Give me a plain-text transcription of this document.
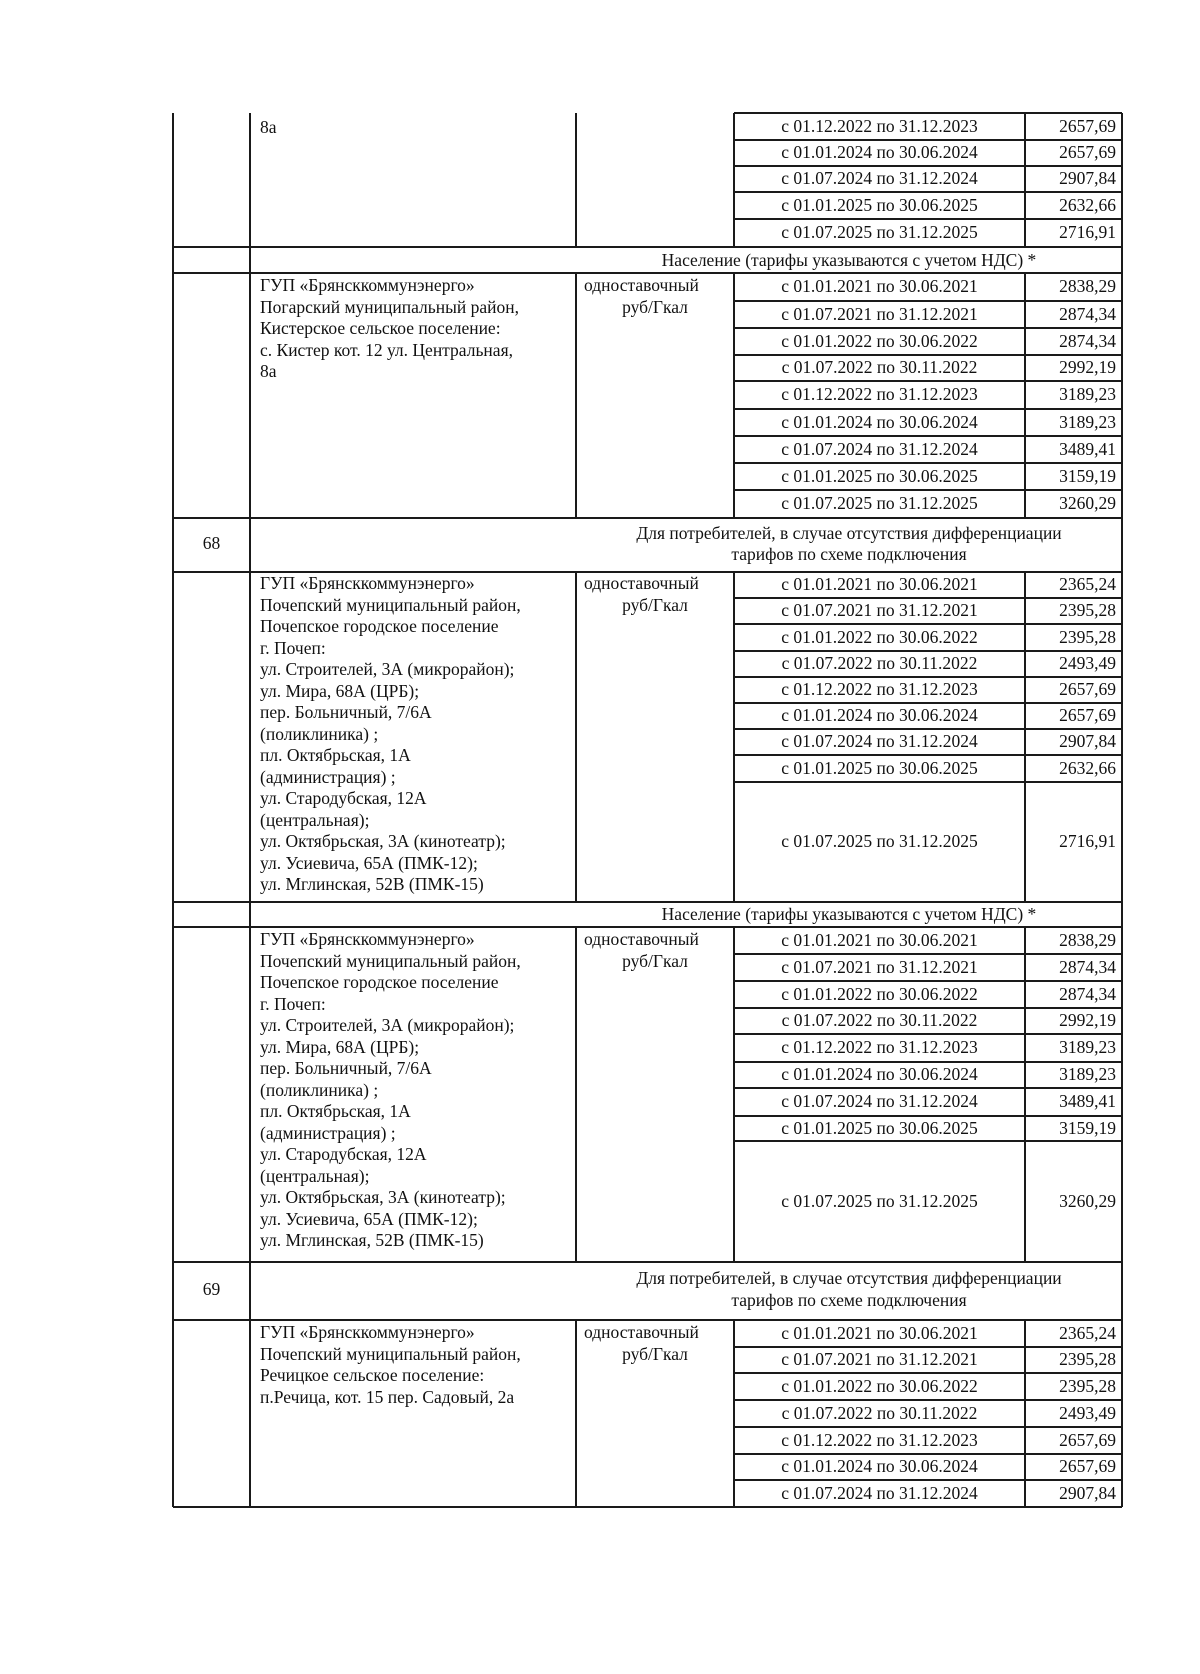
8а	с 01.12.2022 по 31.12.2023	2657,69
с 01.01.2024 по 30.06.2024	2657,69
с 01.07.2024 по 31.12.2024	2907,84
с 01.01.2025 по 30.06.2025	2632,66
с 01.07.2025 по 31.12.2025	2716,91
Население (тарифы указываются с учетом НДС) *
ГУП «Брянсккоммунэнерго»
Погарский муниципальный район,
Кистерское сельское поселение:
с. Кистер кот. 12 ул. Центральная,
8а
одноставочный
руб/Гкал
с 01.01.2021 по 30.06.2021	2838,29
с 01.07.2021 по 31.12.2021	2874,34
с 01.01.2022 по 30.06.2022	2874,34
с 01.07.2022 по 30.11.2022	2992,19
с 01.12.2022 по 31.12.2023	3189,23
с 01.01.2024 по 30.06.2024	3189,23
с 01.07.2024 по 31.12.2024	3489,41
с 01.01.2025 по 30.06.2025	3159,19
с 01.07.2025 по 31.12.2025	3260,29
68	Для потребителей, в случае отсутствия дифференциации
тарифов по схеме подключения
ГУП «Брянсккоммунэнерго»
Почепский муниципальный район,
Почепское городское поселение
г. Почеп:
ул. Строителей, 3А (микрорайон);
ул. Мира, 68А (ЦРБ);
пер. Больничный, 7/6А
(поликлиника) ;
пл. Октябрьская, 1А
(администрация) ;
ул. Стародубская, 12А
(центральная);
ул. Октябрьская, 3А (кинотеатр);
ул. Усиевича, 65А (ПМК-12);
ул. Мглинская, 52В (ПМК-15)
одноставочный
руб/Гкал
с 01.01.2021 по 30.06.2021	2365,24
с 01.07.2021 по 31.12.2021	2395,28
с 01.01.2022 по 30.06.2022	2395,28
с 01.07.2022 по 30.11.2022	2493,49
с 01.12.2022 по 31.12.2023	2657,69
с 01.01.2024 по 30.06.2024	2657,69
с 01.07.2024 по 31.12.2024	2907,84
с 01.01.2025 по 30.06.2025	2632,66
с 01.07.2025 по 31.12.2025	2716,91
Население (тарифы указываются с учетом НДС) *
ГУП «Брянсккоммунэнерго»
Почепский муниципальный район,
Почепское городское поселение
г. Почеп:
ул. Строителей, 3А (микрорайон);
ул. Мира, 68А (ЦРБ);
пер. Больничный, 7/6А
(поликлиника) ;
пл. Октябрьская, 1А
(администрация) ;
ул. Стародубская, 12А
(центральная);
ул. Октябрьская, 3А (кинотеатр);
ул. Усиевича, 65А (ПМК-12);
ул. Мглинская, 52В (ПМК-15)
одноставочный
руб/Гкал
с 01.01.2021 по 30.06.2021	2838,29
с 01.07.2021 по 31.12.2021	2874,34
с 01.01.2022 по 30.06.2022	2874,34
с 01.07.2022 по 30.11.2022	2992,19
с 01.12.2022 по 31.12.2023	3189,23
с 01.01.2024 по 30.06.2024	3189,23
с 01.07.2024 по 31.12.2024	3489,41
с 01.01.2025 по 30.06.2025	3159,19
с 01.07.2025 по 31.12.2025	3260,29
69
Для потребителей, в случае отсутствия дифференциации
тарифов по схеме подключения
ГУП «Брянсккоммунэнерго»
Почепский муниципальный район,
Речицкое сельское поселение:
п.Речица, кот. 15 пер. Садовый, 2а
одноставочный
руб/Гкал
с 01.01.2021 по 30.06.2021	2365,24
с 01.07.2021 по 31.12.2021	2395,28
с 01.01.2022 по 30.06.2022	2395,28
с 01.07.2022 по 30.11.2022	2493,49
с 01.12.2022 по 31.12.2023	2657,69
с 01.01.2024 по 30.06.2024	2657,69
с 01.07.2024 по 31.12.2024	2907,84
